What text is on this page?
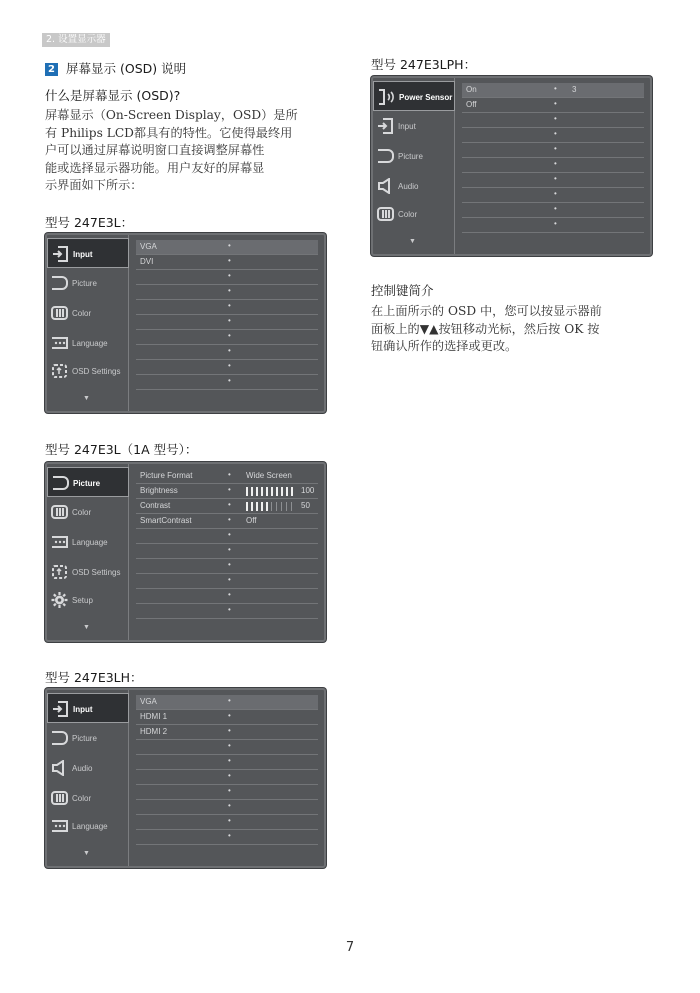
2. 设置显示器
2 屏幕显示 (OSD) 说明
什么是屏幕显示 (OSD)?
屏幕显示（On-Screen Display，OSD）是所
有 Philips LCD都具有的特性。它使得最终用
户可以通过屏幕说明窗口直接调整屏幕性
能或选择显示器功能。用户友好的屏幕显
示界面如下所示：
型号 247E3L：
Input
Picture
Color
Language
OSD Settings
▼
VGA	•
DVI	•
•
•
•
•
•
•
•
•
型号 247E3L（1A 型号）：
Picture
Color
Language
OSD Settings
Setup
▼
Picture Format	• Wide Screen
Brightness	•	100
Contrast	•	50
SmartContrast	• Off
•
•
•
•
•
•
型号 247E3LH：
Input
Picture
Audio
Color
Language
▼
VGA	•
HDMI 1	•
HDMI 2	•
•
•
•
•
•
•
•
型号 247E3LPH：
Power Sensor
Input
Picture
Audio
Color
▼
On	• 3
Off	•
•
•
•
•
•
•
•
•
控制键简介
在上面所示的 OSD 中，您可以按显示器前
面板上的▼▲按钮移动光标，然后按 OK 按
钮确认所作的选择或更改。
7
